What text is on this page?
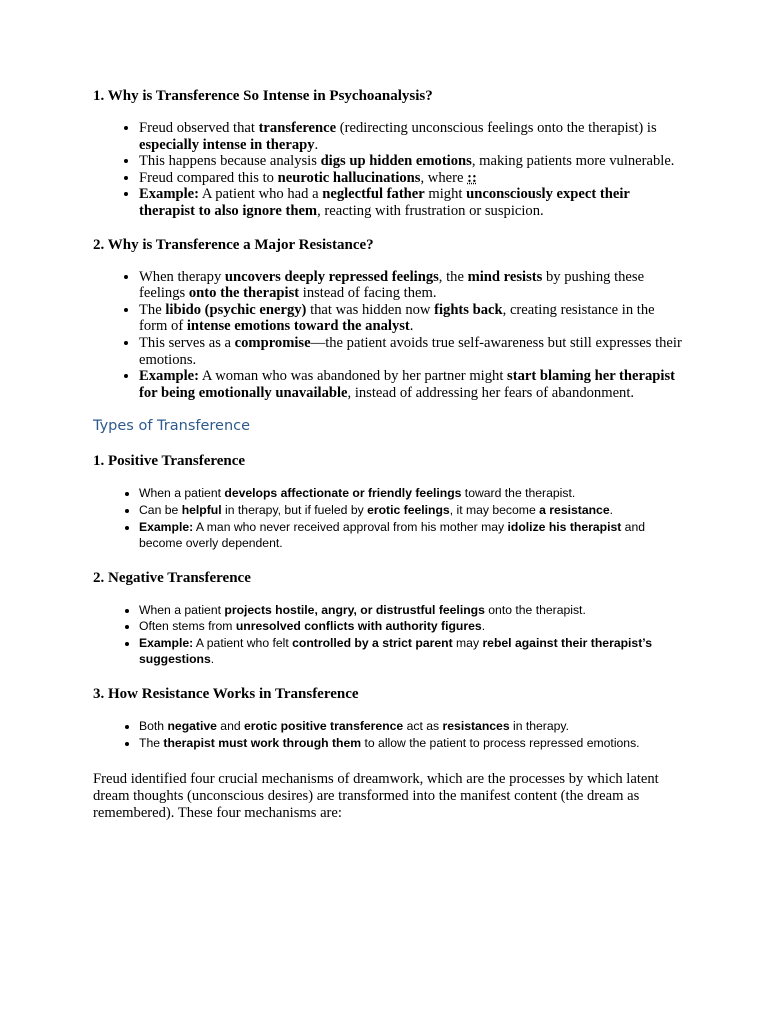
1. Why is Transference So Intense in Psychoanalysis?
• Freud observed that transference (redirecting unconscious feelings onto the therapist) is especially intense in therapy.
• This happens because analysis digs up hidden emotions, making patients more vulnerable.
• Freud compared this to neurotic hallucinations, where ::
• Example: A patient who had a neglectful father might unconsciously expect their therapist to also ignore them, reacting with frustration or suspicion.
2. Why is Transference a Major Resistance?
• When therapy uncovers deeply repressed feelings, the mind resists by pushing these feelings onto the therapist instead of facing them.
• The libido (psychic energy) that was hidden now fights back, creating resistance in the form of intense emotions toward the analyst.
• This serves as a compromise—the patient avoids true self-awareness but still expresses their emotions.
• Example: A woman who was abandoned by her partner might start blaming her therapist for being emotionally unavailable, instead of addressing her fears of abandonment.
Types of Transference
1. Positive Transference
• When a patient develops affectionate or friendly feelings toward the therapist.
• Can be helpful in therapy, but if fueled by erotic feelings, it may become a resistance.
• Example: A man who never received approval from his mother may idolize his therapist and become overly dependent.
2. Negative Transference
• When a patient projects hostile, angry, or distrustful feelings onto the therapist.
• Often stems from unresolved conflicts with authority figures.
• Example: A patient who felt controlled by a strict parent may rebel against their therapist’s suggestions.
3. How Resistance Works in Transference
• Both negative and erotic positive transference act as resistances in therapy.
• The therapist must work through them to allow the patient to process repressed emotions.

Freud identified four crucial mechanisms of dreamwork, which are the processes by which latent dream thoughts (unconscious desires) are transformed into the manifest content (the dream as remembered). These four mechanisms are:
